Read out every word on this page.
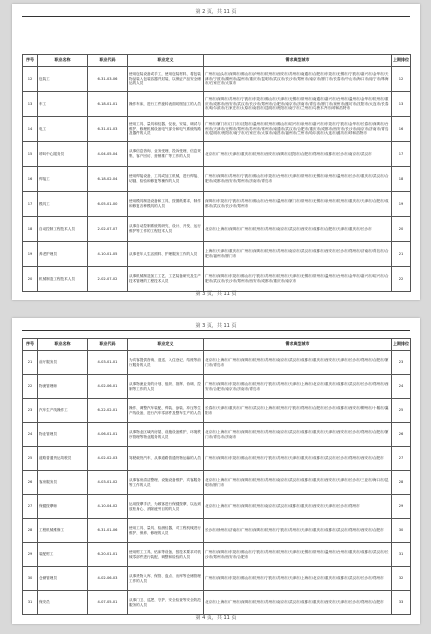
第 2 页，共 11 页
序号	职业名称	职业代码	职业定义	需求典型城市	上期排位
12	包装工	6-31-03-06	使用包装设备或手工，使用包装材料，将包装物品装入包装容器并封装，以保证产品安全储运的人员	广州市/汕头市/深圳市/佛山市/泸州市/杭州市/西安市/苏州市/南通市/合肥市/东莞市/无锡市/宁波市/嘉兴市/金华市/天津市/宁波市/湖州市/温州市/重庆市/昆明市/武汉市/长沙市/郑州市/南京市/厦门市/长春市/中山市/海口市/南宁市/珠海市/石家庄市/太原市	12
13	车工	6-18-01-01	操作车床，进行工件旋转表面切削加工的人员	广州市/深圳市/苏州市/宁波市/东莞市/佛山市/天津市/无锡市/常州市/南通市/嘉兴市/台州市/温州市/金华市/杭州市/重庆市/成都市/西安市/武汉市/长沙市/郑州市/合肥市/南京市/济南市/青岛市/厦门市/泉州市/潍坊市/沈阳市/大连市/长春市/哈尔滨市/石家庄市/太原市/南昌市/昆明市/贵阳市/南宁市/兰州市/乌鲁木齐市/呼和浩特市	13
14	电工	6-31-01-03	使用工具、量具和仪器、仪表，安装、调试与维护、修理机械设备电气部分和电气系统线路及器件的人员	广州市/厦门市/江门市/沈阳市/温州市/杭州市/佛山市/绍兴市/泉州市/嘉兴市/东莞市/宁波市/金华市/长春市/深圳市/台州市/天津市/无锡市/郑州市/苏州市/常州市/南通市/武汉市/合肥市/重庆市/成都市/西安市/长沙市/南京市/济南市/青岛市/昆明市/贵阳市/南宁市/石家庄市/太原市/南昌市/福州市/兰州市/哈尔滨市/大连市/潍坊市/呼和浩特市	16
15	呼叫中心服务员	4-04-05-04	从事信息咨询、业务受理、投诉受理、信息采集、客户回访、营销推广等工作的人员	北京市/广州市/天津市/重庆市/杭州市/西安市/深圳市/沈阳市/合肥市/郑州市/成都市/长沙市/南京市/武汉市	17
16	焊接工	6-18-02-04	使用焊接设备，工具或加工机械，进行焊接、切割、检验和修复等操作的人员	广州市/深圳市/苏州市/宁波市/佛山市/东莞市/台州市/天津市/常州市/无锡市/泉州市/温州市/长沙市/重庆市/武汉市/合肥市/成都市/西安市/郑州市/济南市/青岛市	18
17	模具工	6-05-01-00	使用模具制造设备和工具，按图纸要求，制作和修复各种模具的人员	深圳市/东莞市/宁波市/苏州市/佛山市/台州市/温州市/厦门市/常州市/无锡市/泉州市/杭州市/重庆市/天津市/合肥市/成都市/武汉市/长沙市/郑州市	19
18	自动控制工程技术人员	2-02-07-07	从事自动控制系统的研究、设计、开发、运行维护等工作的工程技术人员	北京市/上海市/深圳市/广州市/杭州市/苏州市/南京市/武汉市/西安市/成都市/合肥市/天津市/重庆市/长沙市	20
19	养老护理员	4-10-01-05	从事老年人生活照料、护理服务工作的人员	上海市/天津市/重庆市/广州市/深圳市/杭州市/苏州市/南京市/武汉市/成都市/西安市/长沙市/郑州市/济南市/青岛市/合肥市/福州市/厦门市	21
20	机械制造工程技术人员	2-02-07-02	从事机械制造加工工艺、工艺装备研究及生产技术管理的工程技术人员	广州市/深圳市/东莞市/佛山市/宁波市/苏州市/杭州市/天津市/无锡市/常州市/温州市/台州市/金华市/嘉兴市/绍兴市/合肥市/武汉市/长沙市/郑州市/西安市/成都市/重庆市/南京市	22
第 3 页，共 11 页
第 3 页，共 11 页
序号	职业名称	职业代码	职业定义	需求典型城市	上期排位
21	前厅服务员	4-03-01-01	为宾客提供咨询、迎送、入住登记、结账等前厅服务的人员	北京市/上海市/广州市/深圳市/杭州市/苏州市/南京市/武汉市/成都市/重庆市/西安市/天津市/长沙市/郑州市/合肥市/厦门市/青岛市	23
22	物流管理师	4-02-06-01	从事物流业务的计划、组织、指挥、协调、控制等工作的人员	广州市/深圳市/东莞市/佛山市/杭州市/宁波市/苏州市/天津市/上海市/北京市/重庆市/成都市/武汉市/长沙市/郑州市/西安市/合肥市/南京市/济南市/青岛市	24
23	汽车生产线操作工	6-22-02-01	操作、调整汽车装配、焊装、涂装、冲压等生产线设备，进行汽车零部件及整车生产的人员	长春市/天津市/重庆市/广州市/武汉市/上海市/杭州市/宁波市/郑州市/合肥市/长沙市/成都市/西安市/柳州市/十堰市/襄阳市	25
24	物业管理员	4-06-01-01	从事物业区域内房屋、设施设备维护，环境秩序管理等物业服务的人员	北京市/上海市/广州市/深圳市/杭州市/苏州市/南京市/武汉市/成都市/重庆市/天津市/西安市/长沙市/郑州市/合肥市/厦门市/青岛市/济南市	26
25	道路普通货运驾驶员	4-02-02-03	驾驶载货汽车，从事道路普通货物运输的人员	广州市/深圳市/东莞市/佛山市/杭州市/宁波市/苏州市/天津市/重庆市/成都市/武汉市/长沙市/郑州市/西安市/合肥市	27
26	客房服务员	4-03-01-02	从事客房清洁整理、设施设备维护、宾客服务等工作的人员	北京市/上海市/广州市/深圳市/杭州市/苏州市/南京市/武汉市/成都市/重庆市/西安市/天津市/长沙市/三亚市/海口市/昆明市/厦门市	28
27	保健按摩师	4-10-04-02	运用按摩手法，为顾客进行保健按摩，以达到放松身心、消除疲劳目的的人员	北京市/上海市/广州市/深圳市/杭州市/南京市/武汉市/成都市/重庆市/西安市/天津市/长沙市/郑州市	29
28	工程机械维修工	6-31-01-06	使用工具、量具、检测仪器，对工程机械进行维护、保养、修理的人员	长沙市/徐州市/济南市/广州市/深圳市/杭州市/宁波市/苏州市/天津市/重庆市/成都市/武汉市/郑州市/西安市/合肥市	30
29	装配钳工	6-20-01-01	使用钳工工具、钻床等设备，按技术要求对机械零部件进行装配、调整和检验的人员	广州市/深圳市/东莞市/佛山市/宁波市/苏州市/杭州市/天津市/无锡市/常州市/温州市/台州市/重庆市/成都市/武汉市/长沙市/郑州市/西安市/合肥市	31
30	仓储管理员	4-02-06-03	从事货物入库、保管、盘点、出库等仓储管理工作的人员	广州市/深圳市/东莞市/佛山市/杭州市/宁波市/苏州市/天津市/上海市/北京市/重庆市/成都市/武汉市/长沙市/郑州市	32
31	保安员	4-07-05-01	从事门卫、巡逻、守护、安全检查等安全防范服务的人员	北京市/上海市/广州市/深圳市/杭州市/苏州市/南京市/武汉市/成都市/重庆市/西安市/天津市/长沙市/郑州市/合肥市	33
第 4 页，共 11 页
